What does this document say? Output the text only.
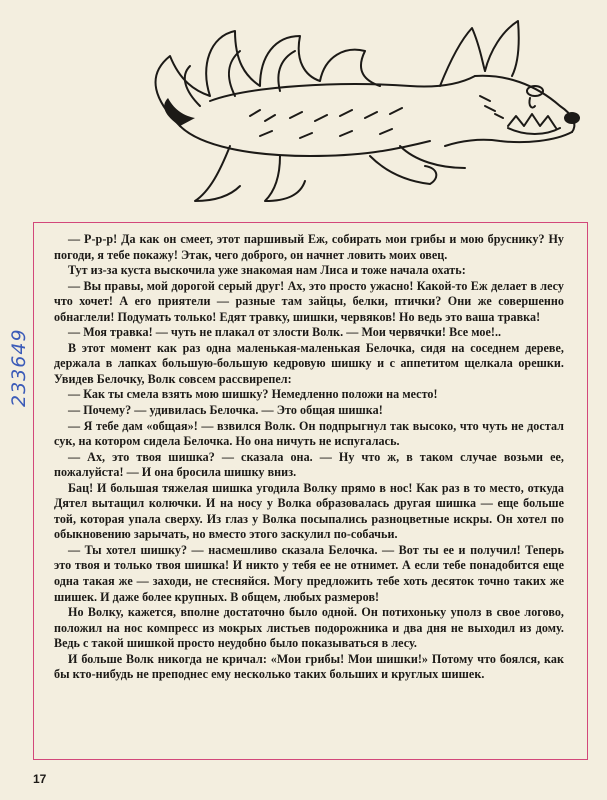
233649

— Р-р-р! Да как он смеет, этот паршивый Еж, собирать мои грибы и мою бруснику? Ну погоди, я тебе покажу! Этак, чего доброго, он начнет ловить моих овец.

Тут из-за куста выскочила уже знакомая нам Лиса и тоже начала охать:

— Вы правы, мой дорогой серый друг! Ах, это просто ужасно! Какой-то Еж делает в лесу что хочет! А его приятели — разные там зайцы, белки, птички? Они же совершенно обнаглели! Подумать только! Едят травку, шишки, червяков! Но ведь это ваша травка!

— Моя травка! — чуть не плакал от злости Волк. — Мои червячки! Все мое!..

В этот момент как раз одна маленькая-маленькая Белочка, сидя на соседнем дереве, держала в лапках большую-большую кедровую шишку и с аппетитом щелкала орешки. Увидев Белочку, Волк совсем рассвирепел:

— Как ты смела взять мою шишку? Немедленно положи на место!

— Почему? — удивилась Белочка. — Это общая шишка!

— Я тебе дам «общая»! — взвился Волк. Он подпрыгнул так высоко, что чуть не достал сук, на котором сидела Белочка. Но она ничуть не испугалась.

— Ах, это твоя шишка? — сказала она. — Ну что ж, в таком случае возьми ее, пожалуйста! — И она бросила шишку вниз.

Бац! И большая тяжелая шишка угодила Волку прямо в нос! Как раз в то место, откуда Дятел вытащил колючки. И на носу у Волка образовалась другая шишка — еще больше той, которая упала сверху. Из глаз у Волка посыпались разноцветные искры. Он хотел по обыкновению зарычать, но вместо этого заскулил по-собачьи.

— Ты хотел шишку? — насмешливо сказала Белочка. — Вот ты ее и получил! Теперь это твоя и только твоя шишка! И никто у тебя ее не отнимет. А если тебе понадобится еще одна такая же — заходи, не стесняйся. Могу предложить тебе хоть десяток точно таких же шишек. И даже более крупных. В общем, любых размеров!

Но Волку, кажется, вполне достаточно было одной. Он потихоньку уполз в свое логово, положил на нос компресс из мокрых листьев подорожника и два дня не выходил из дому. Ведь с такой шишкой просто неудобно было показываться в лесу.

И больше Волк никогда не кричал: «Мои грибы! Мои шишки!» Потому что боялся, как бы кто-нибудь не преподнес ему несколько таких больших и круглых шишек.

17
